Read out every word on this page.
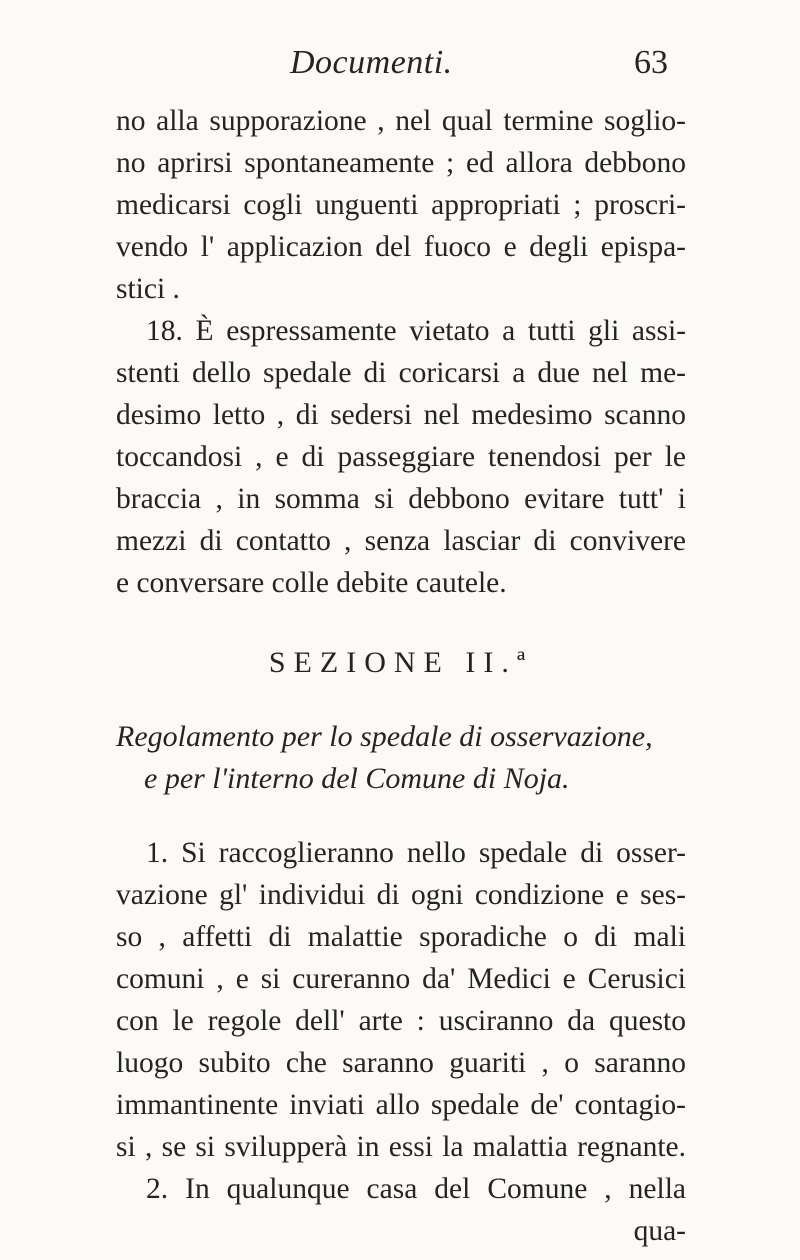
Documenti.	63
no alla supporazione , nel qual termine soglio-
no aprirsi spontaneamente ; ed allora debbono
medicarsi cogli unguenti appropriati ; proscri-
vendo l' applicazion del fuoco e degli epispa-
stici .
18. È espressamente vietato a tutti gli assi-
stenti dello spedale di coricarsi a due nel me-
desimo letto , di sedersi nel medesimo scanno
toccandosi , e di passeggiare tenendosi per le
braccia , in somma si debbono evitare tutt' i
mezzi di contatto , senza lasciar di convivere
e conversare colle debite cautele.
SEZIONE II.ª
Regolamento per lo spedale di osservazione,
e per l'interno del Comune di Noja.
1. Si raccoglieranno nello spedale di osser-
vazione gl' individui di ogni condizione e ses-
so , affetti di malattie sporadiche o di mali
comuni , e si cureranno da' Medici e Cerusici
con le regole dell' arte : usciranno da questo
luogo subito che saranno guariti , o saranno
immantinente inviati allo spedale de' contagio-
si , se si svilupperà in essi la malattia regnante.
2. In qualunque casa del Comune , nella
qua-
